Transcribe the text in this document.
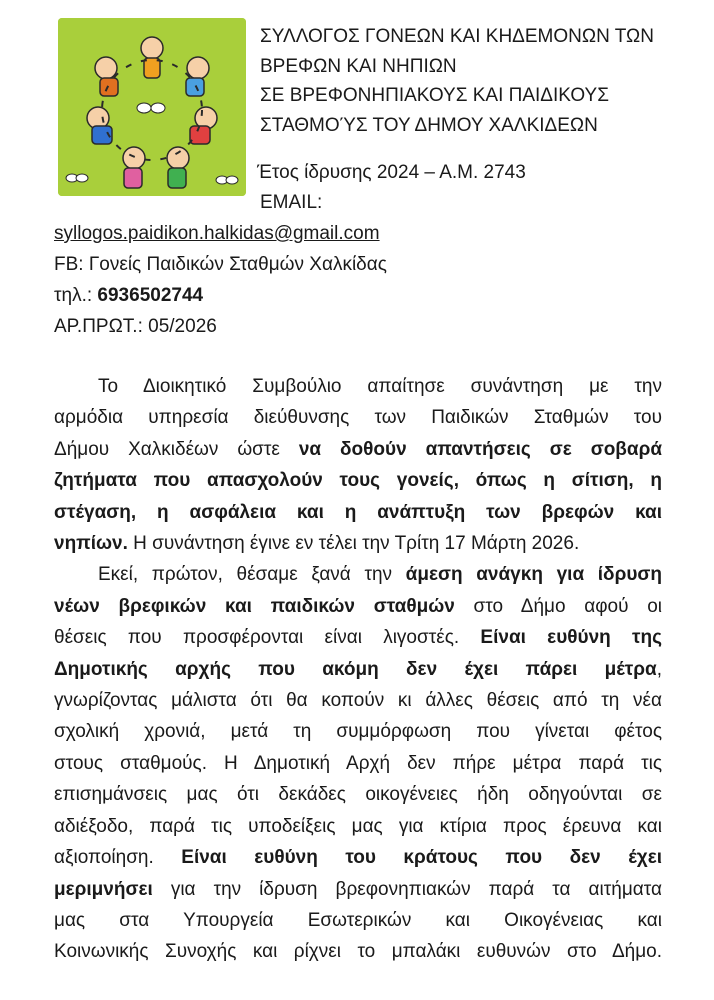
ΣΥΛΛΟΓΟΣ ΓΟΝΕΩΝ ΚΑΙ ΚΗΔΕΜΟΝΩΝ ΤΩΝ
ΒΡΕΦΩΝ ΚΑΙ ΝΗΠΙΩΝ
ΣΕ ΒΡΕΦΟΝΗΠΙΑΚΟΥΣ ΚΑΙ ΠΑΙΔΙΚΟΥΣ
ΣΤΑΘΜΟΎΣ ΤΟΥ ΔΗΜΟΥ ΧΑΛΚΙΔΕΩΝ
Έτος ίδρυσης 2024 – Α.Μ. 2743
EMAIL:
syllogos.paidikon.halkidas@gmail.com
FB: Γονείς Παιδικών Σταθμών Χαλκίδας
τηλ.: 6936502744
ΑΡ.ΠΡΩΤ.: 05/2026
Το Διοικητικό Συμβούλιο απαίτησε συνάντηση με την
αρμόδια υπηρεσία διεύθυνσης των Παιδικών Σταθμών του
Δήμου Χαλκιδέων ώστε να δοθούν απαντήσεις σε σοβαρά
ζητήματα που απασχολούν τους γονείς, όπως η σίτιση, η
στέγαση, η ασφάλεια και η ανάπτυξη των βρεφών και
νηπίων. Η συνάντηση έγινε εν τέλει την Τρίτη 17 Μάρτη 2026.
Εκεί, πρώτον, θέσαμε ξανά την άμεση ανάγκη για ίδρυση
νέων βρεφικών και παιδικών σταθμών στο Δήμο αφού οι
θέσεις που προσφέρονται είναι λιγοστές. Είναι ευθύνη της
Δημοτικής αρχής που ακόμη δεν έχει πάρει μέτρα,
γνωρίζοντας μάλιστα ότι θα κοπούν κι άλλες θέσεις από τη νέα
σχολική χρονιά, μετά τη συμμόρφωση που γίνεται φέτος
στους σταθμούς. Η Δημοτική Αρχή δεν πήρε μέτρα παρά τις
επισημάνσεις μας ότι δεκάδες οικογένειες ήδη οδηγούνται σε
αδιέξοδο, παρά τις υποδείξεις μας για κτίρια προς έρευνα και
αξιοποίηση. Είναι ευθύνη του κράτους που δεν έχει
μεριμνήσει για την ίδρυση βρεφονηπιακών παρά τα αιτήματα
μας στα Υπουργεία Εσωτερικών και Οικογένειας και
Κοινωνικής Συνοχής και ρίχνει το μπαλάκι ευθυνών στο Δήμο.
